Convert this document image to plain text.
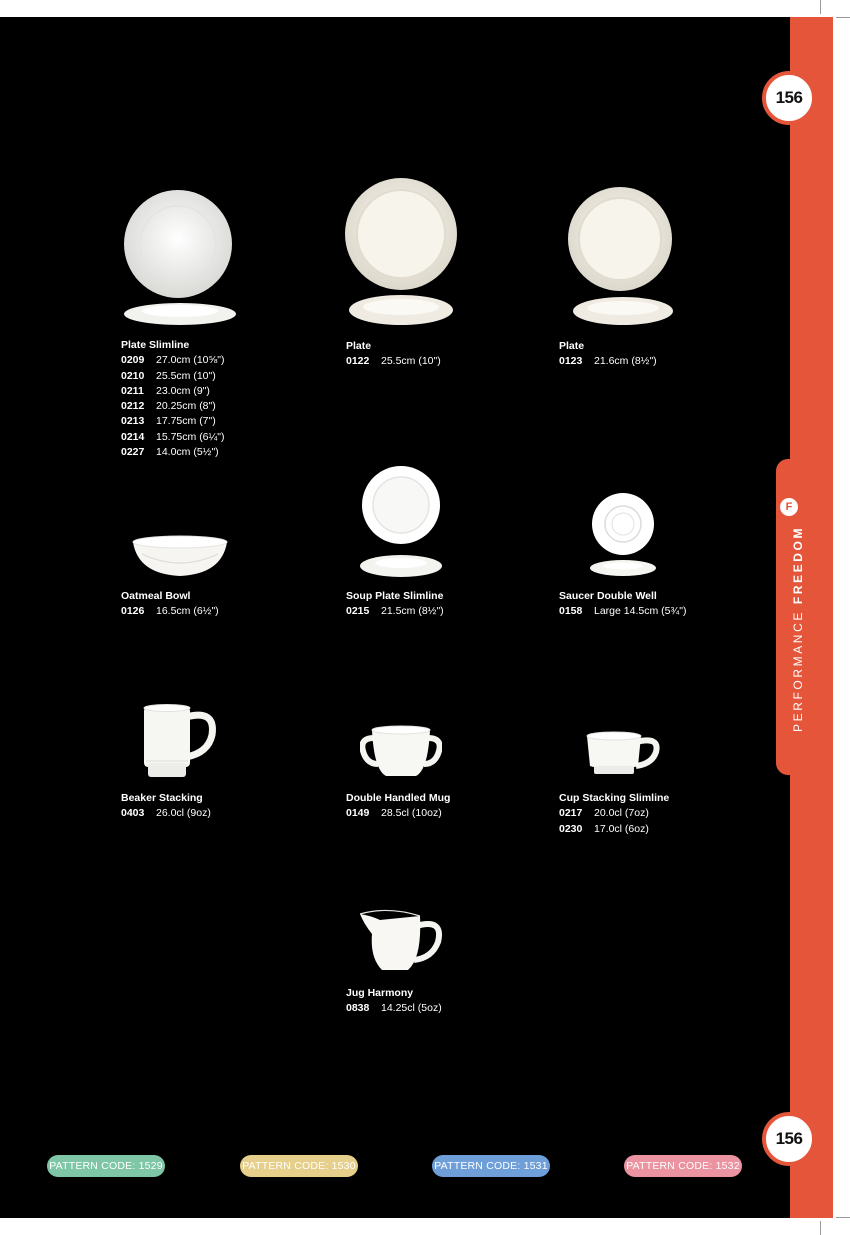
156
156
F
PERFORMANCE FREEDOM
Plate Slimline
0209 27.0cm (10⅝")
0210 25.5cm (10")
0211 23.0cm (9")
0212 20.25cm (8")
0213 17.75cm (7")
0214 15.75cm (6¼")
0227 14.0cm (5½")
Plate
0122 25.5cm (10")
Plate
0123 21.6cm (8½")
Oatmeal Bowl
0126 16.5cm (6½")
Soup Plate Slimline
0215 21.5cm (8½")
Saucer Double Well
0158 Large 14.5cm (5¾")
Beaker Stacking
0403 26.0cl (9oz)
Double Handled Mug
0149 28.5cl (10oz)
Cup Stacking Slimline
0217 20.0cl (7oz)
0230 17.0cl (6oz)
Jug Harmony
0838 14.25cl (5oz)
PATTERN CODE: 1529	PATTERN CODE: 1530	PATTERN CODE: 1531	PATTERN CODE: 1532
